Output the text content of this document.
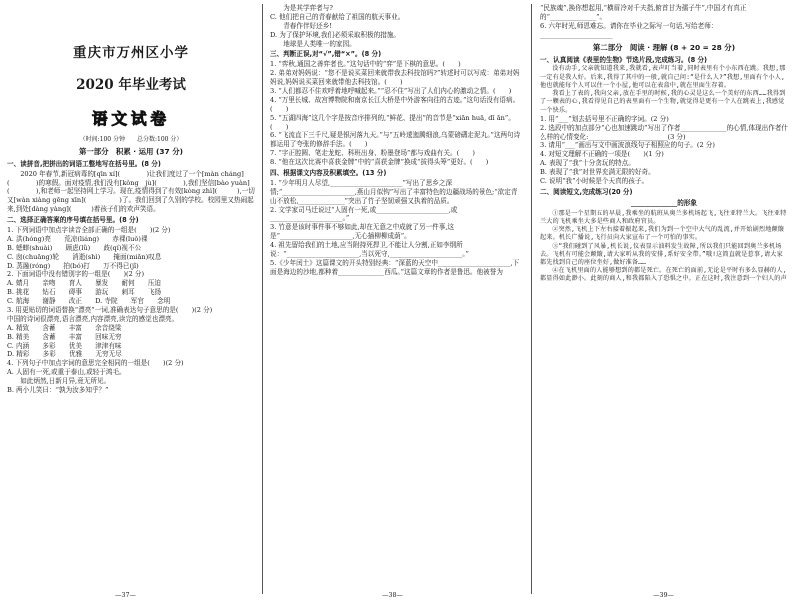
重庆市万州区小学

2020 年毕业考试

语文试卷

（时间:100 分钟　　总分数:100 分）

第一部分　积累 · 运用 (37 分)

一、读拼音,把拼出的词语工整地写在括号里。(8 分)

2020 年春节,新冠病毒的[qīn xí](　　　　)让我们度过了一个[màn cháng](　　　　)的寒假。面对疫情,我们没有[kǒng　jù](　　　　),我们坚信[bào yuàn](　　　　),和老师一起坚持网上学习。现在,疫情得到了有效[kòng zhì](　　　),一切又[wàn xiàng gēng xīn](　　　　　)了。我们回到了久别的学校。校园里又热闹起来,到处[dàng yàng](　　　)着孩子们的欢声笑语。

二、选择正确答案的序号填在括号里。(8 分)

1. 下列词语中加点字读音全部正确的一组是(　　)(2 分)

A. 洪(hóng)亮　　荒凉(liáng)　　赤裸(luǒ)裸

B. 蟋蟀(shuài)　　顾虑(lǜ)　　歧(qí)视不公

C. 囱(chuāng)轮　　消逝(shì)　　掩面(miǎn)叹息

D. 蒸融(róng)　　拍(bó)打　　万不得已(jǐ)

2. 下面词语中没有错别字的一组是(　　)(2 分)

A. 蜻月　　亲吻　　育人　　暴发　　耐何　　压迫

B. 挑花　　钻石　　碍事　　游玩　　刺耳　　飞扬

C. 航海　　谢静　　改正　　D. 寺院　　军官　　念明

3. 用更贴切的词语替换“漂亮”一词,准确表达句子意思的是(　　)(2 分)

中国的诗词很漂亮,语言漂亮,内容漂亮,读完的感觉也漂亮。

A. 精致　　含蓄　　丰富　　余音绕梁

B. 精美　　含蓄　　丰富　　回味无穷

C. 内涵　　多彩　　优美　　津津有味

D. 精彩　　多彩　　优雅　　无穷无尽

4. 下列句子中加点字词的意思完全相同的一组是(　　)(2 分)

A. 人固有一死,或重于泰山,或轻于鸿毛。

如此炳然,日新月异,竟无所见。

B. 两小儿笑曰：“孰为汝多知乎？”

—37—

为是其学弈者与?

C. 他们把自己的青春献给了祖国的航天事业。

青春作伴好还乡!

D. 为了保护环境,我们必须采取积极的措施。

地球是人类唯一的家园。

三、判断正误,对“√”,错“×”。(8 分)

1. “弈秋,通国之善弈者也。”这句话中的“弈”是下棋的意思。(　　)

2. 弟弟对妈妈说：“您不是说买菜回来就带我去科技馆吗?”转述时可以写成：弟弟对妈妈说,妈妈说买菜回来就带他去科技馆。(　　)

3. “人们都忍不住欢呼着地呼喊起来。”“忍不住”写出了人们内心的激动之情。(　　)

4. “万里长城、故宫博物院和南京长江大桥是中外游客向往的古迹。”这句话没有语病。(　　)

5. “五湖四海”这几个字是按音序排列的,“鲜花、提出”的音节是“xiān huā, dī ān”。(　　)

6. “飞流直下三千尺,疑是银河落九天。”与“五岭逶迤腾细浪,乌蒙磅礴走泥丸。”这两句诗都运用了夸张的修辞手法。(　　)

7. “字正腔圆、笔走龙蛇、科班出身、粉墨登场”都与戏曲有关。(　　)

8. “他在这次比赛中喜获金牌”中的“喜获金牌”换成“拔得头筹”更好。(　　)

四、根据课文内容及积累填空。(13 分)

1. “少年明月人尽望,______________________”写出了思乡之深情;“______________________,燕山月似钩”写出了丰富特色的边疆战场的景色;“欲定青山不放松,______________”突出了竹子坚韧顽强又执着的品质。

2. 文学家司马迁说过“人固有一死,或______________________,或______________________。”

3. 竹意是该时事件事不够如此,却在无意之中成就了另一件事,这是“______________________,无心插柳柳成荫”。

4. 祖先留给我们的土地,应当附持死捍卫,不能让人分割,正如李纲所说：“______________________,当以死守,______________________。”

5.《少年闰土》这篇课文的开头特别经典：“深蓝的天空中______________________,下面是海边的沙地,都种着______________西瓜。”这篇文章的作者是鲁迅。他被誉为

—38—

“民族魂”,换你想起用,“横眉冷对千夫指,俯首甘为孺子牛”,中国才有真正的“______________”。

6. 六年时光,师恩难忘。请你在毕业之际写一句话,写给老师：______________________

第二部分　阅读 · 理解 (8 + 20 = 28 分)

一、认真阅读《表里的生物》节选片段,完成练习。(8 分)

没有动手,父亲就知道我来,我就看,表声叮当着,同时表里有个小东西在跳。我想,那一定有是我人好。后来,我得了其中的一般,就自己问:“是什么人?”我想,里面有个小人,他也就能每个人可以住一个小屋,他可以在表盒中,就在里面生存着。

我看上了表的,我向父亲,放在手里的时候,我的心灵是这么一个美好的东西……我得到了一颗表的心,我看得见自己的表里面有一个生物,就觉得是更有一个人在跳表上,我感觉一个快乐。

1. 用“___”划去括号里不正确的字词。(2 分)

2. 选段中的加点部分“心也加速跳动”写出了作者______________的心情,体现出作者什么样的心情变化:________________________(3 分)

3. 请用“___”画出与文中画波浪线句子相照应的句子。(2 分)

4. 对短文理解不正确的一项是(　　)(1 分)

A. 表现了“我”十分贪玩的特点。

B. 表现了“我”对世界充满无限的好奇。

C. 说明“我”小时候是个天真的孩子。

二、阅读短文,完成练习(20 分)

______________的形象

①那是一个星期五的早晨,我乘坐的航班从奥兰多机场起飞,飞往亚特兰大。飞往亚特兰大的飞机乘坐大多是些商人和政府官员。

②突然,飞机上下左右接着振起来,我们为到一个空中大气的乱流,并开始剧烈地颠簸起来。机长广播说,飞行员向大家宣布了一个可怕的事实。

③“我们碰到了风暴,机长说,仪表显示油料发生故障,所以我们只能回到奥兰多机场去。飞机有可能会颠簸,请大家听从我的安排,系好安全带。”哦!这简直就是惹事,请大家都先找到自己的座位坐好,做好准备……

④在飞机里面的人能够想到的都是死亡。在死亡的面前,无论是平时有多么显赫的人,都显得如此渺小。此刻的商人,和我都陷入了恐惧之中。正在这时,我注意到一个妇人的声

—39—
